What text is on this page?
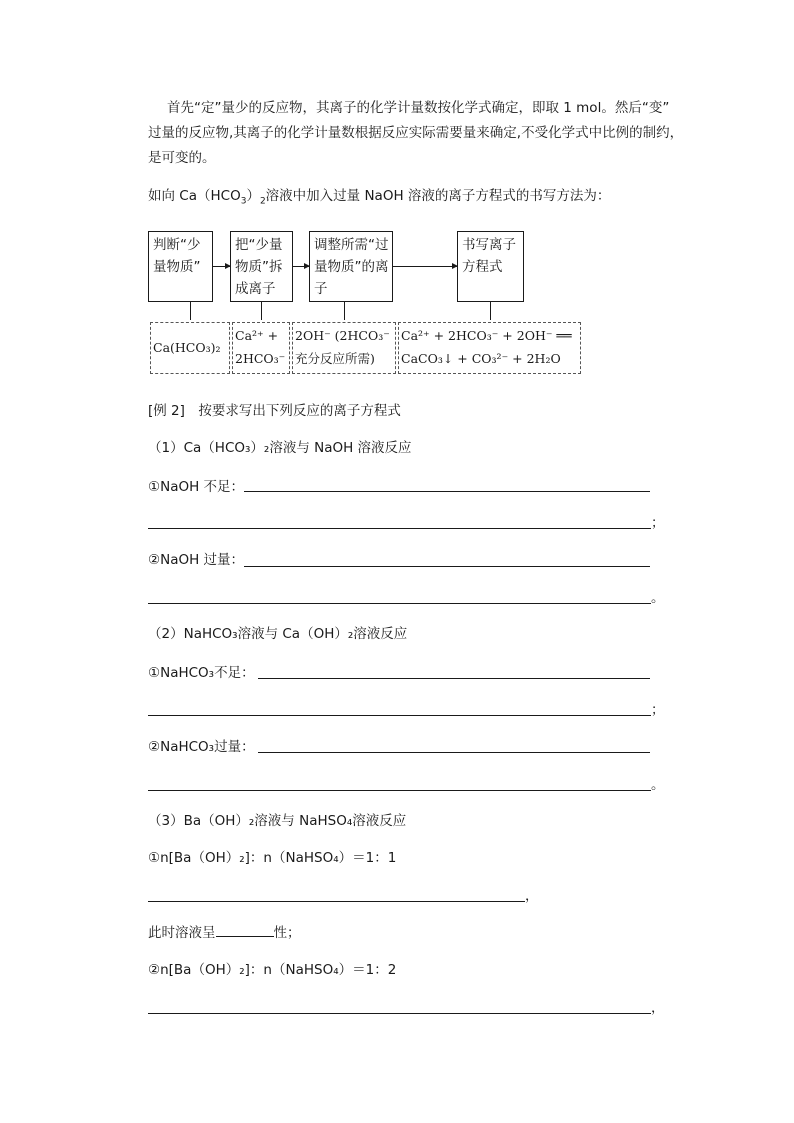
首先“定”量少的反应物，其离子的化学计量数按化学式确定，即取 1 mol。然后“变”
过量的反应物,其离子的化学计量数根据反应实际需要量来确定,不受化学式中比例的制约，
是可变的。
如向 $Ca(HCO_3)_2$溶液中加入过量 NaOH 溶液的离子方程式的书写方法为：
判断“少量物质”
把“少量物质”拆成离子
调整所需“过量物质”的离子
书写离子方程式
Ca(HCO₃)₂
Ca²⁺ +
2HCO₃⁻
2OH⁻ (2HCO₃⁻
充分反应所需)
Ca²⁺ + 2HCO₃⁻ + 2OH⁻ ══
CaCO₃↓ + CO₃²⁻ + 2H₂O
[例 2]　按要求写出下列反应的离子方程式
（1）Ca（HCO₃）₂溶液与 NaOH 溶液反应
①NaOH 不足：
；
②NaOH 过量：
。
（2）NaHCO₃溶液与 Ca（OH）₂溶液反应
①NaHCO₃不足：
；
②NaHCO₃过量：
。
（3）Ba（OH）₂溶液与 NaHSO₄溶液反应
①n[Ba（OH）₂]：n（NaHSO₄）＝1：1
，
此时溶液呈	性；
②n[Ba（OH）₂]：n（NaHSO₄）＝1：2
，
